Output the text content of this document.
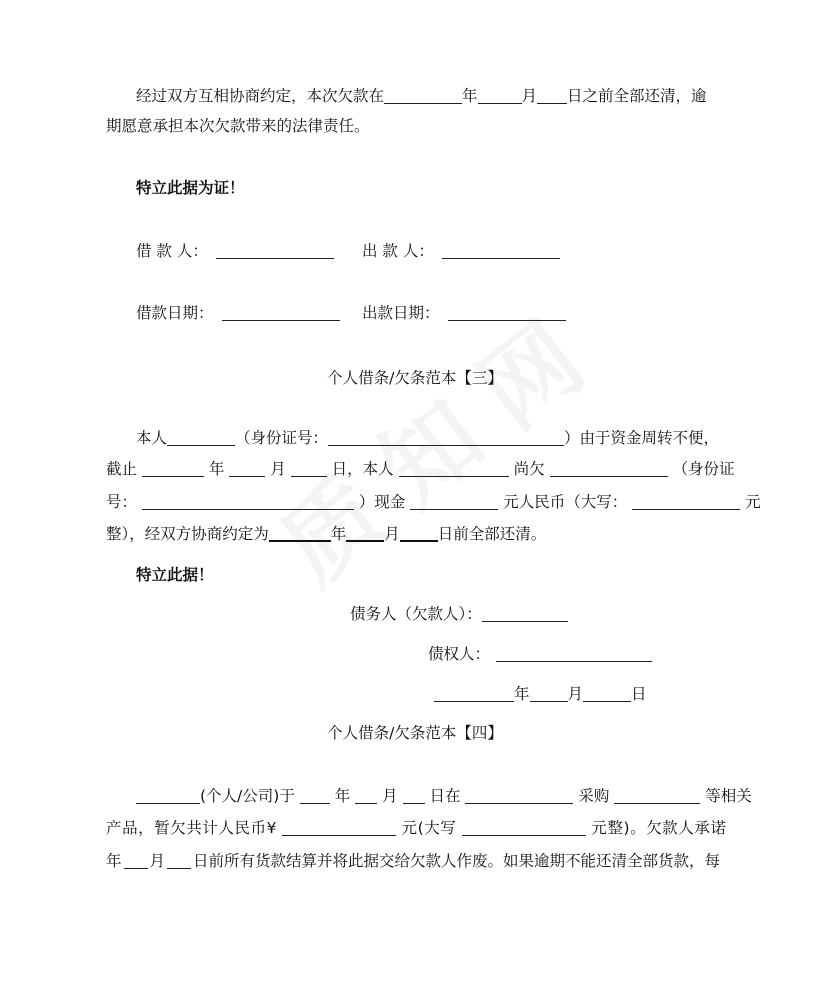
经过双方互相协商约定，本次欠款在	年	月 日之前全部还清，逾
期愿意承担本次欠款带来的法律责任。
特立此据为证！
借 款 人：	出 款 人：
借款日期：	出款日期：
个人借条/欠条范本【三】
本人	（身份证号：	）由于资金周转不便，
截止	年	月	日，本人	尚欠	（身份证
号：	）现金	元人民币（大写：	元
整），经双方协商约定为	年 月 日前全部还清。
特立此据！
债务人（欠款人）：
债权人：
年 月	日
个人借条/欠条范本【四】
(个人/公司)于	年 月 日在	采购	等相关
产品，暂欠共计人民币¥	元(大写	元整)。欠款人承诺
年 月 日前所有货款结算并将此据交给欠款人作废。如果逾期不能还清全部货款，每
